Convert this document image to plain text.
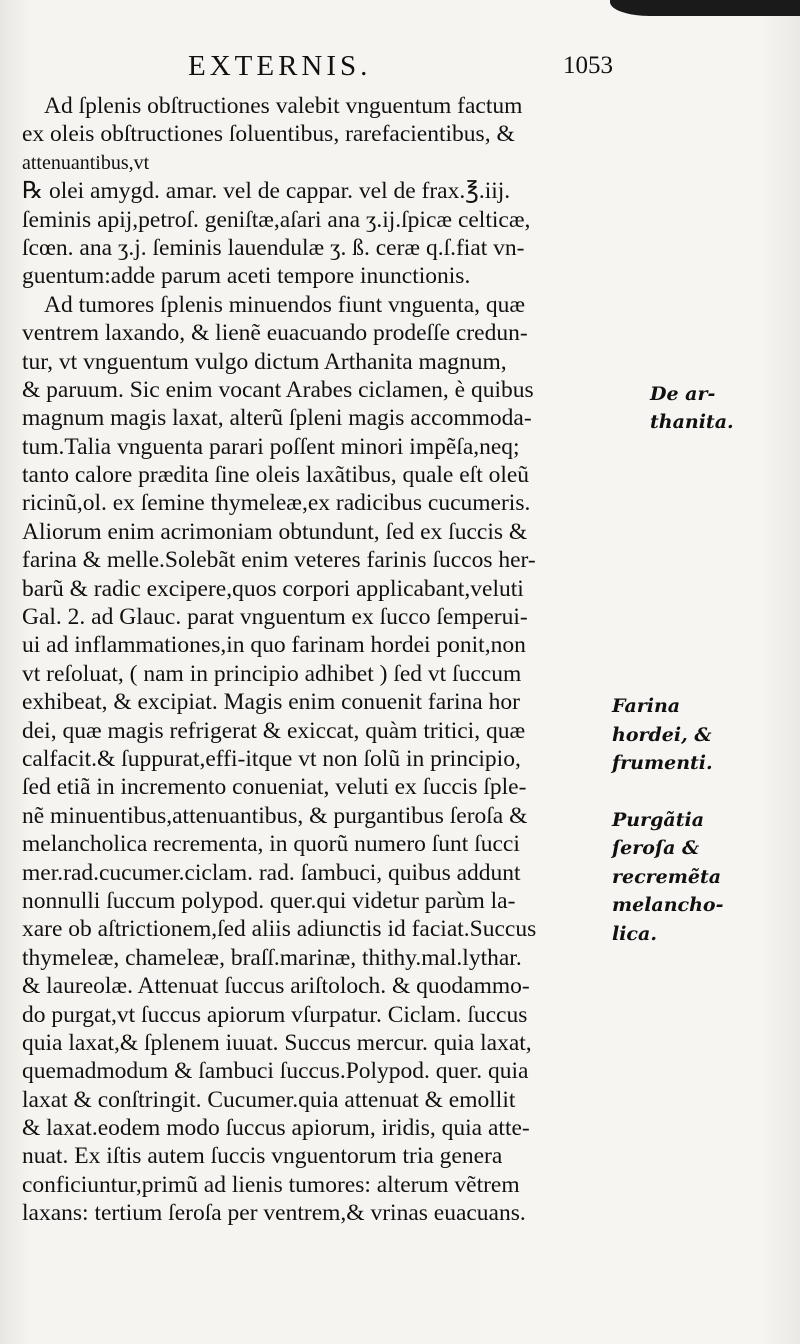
EXTERNIS.	1053
Ad ſplenis obſtructiones valebit vnguentum factum
ex oleis obſtructiones ſoluentibus, rarefacientibus, &
attenuantibus,vt
℞ olei amygd. amar. vel de cappar. vel de frax.℥.iij.
ſeminis apij,petroſ. geniſtæ,aſari ana ʒ.ij.ſpicæ celticæ,
ſcœn. ana ʒ.j. ſeminis lauendulæ ʒ. ß. ceræ q.ſ.fiat vn-
guentum:adde parum aceti tempore inunctionis.
Ad tumores ſplenis minuendos fiunt vnguenta, quæ
ventrem laxando, & lienẽ euacuando prodeſſe credun-
tur, vt vnguentum vulgo dictum Arthanita magnum,
& paruum. Sic enim vocant Arabes ciclamen, è quibus
magnum magis laxat, alterũ ſpleni magis accommoda-
tum.Talia vnguenta parari poſſent minori impẽſa,neq;
tanto calore prædita ſine oleis laxãtibus, quale eſt oleũ
ricinũ,ol. ex ſemine thymeleæ,ex radicibus cucumeris.
Aliorum enim acrimoniam obtundunt, ſed ex ſuccis &
farina & melle.Solebãt enim veteres farinis ſuccos her-
barũ & radic excipere,quos corpori applicabant,veluti
Gal. 2. ad Glauc. parat vnguentum ex ſucco ſemperui-
ui ad inflammationes,in quo farinam hordei ponit,non
vt reſoluat, ( nam in principio adhibet ) ſed vt ſuccum
exhibeat, & excipiat. Magis enim conuenit farina hor
dei, quæ magis refrigerat & exiccat, quàm tritici, quæ
calfacit.& ſuppurat,effi-itque vt non ſolũ in principio,
ſed etiã in incremento conueniat, veluti ex ſuccis ſple-
nẽ minuentibus,attenuantibus, & purgantibus ſeroſa &
melancholica recrementa, in quorũ numero ſunt ſucci
mer.rad.cucumer.ciclam. rad. ſambuci, quibus addunt
nonnulli ſuccum polypod. quer.qui videtur parùm la-
xare ob aſtrictionem,ſed aliis adiunctis id faciat.Succus
thymeleæ, chameleæ, braſſ.marinæ, thithy.mal.lythar.
& laureolæ. Attenuat ſuccus ariſtoloch. & quodammo-
do purgat,vt ſuccus apiorum vſurpatur. Ciclam. ſuccus
quia laxat,& ſplenem iuuat. Succus mercur. quia laxat,
quemadmodum & ſambuci ſuccus.Polypod. quer. quia
laxat & conſtringit. Cucumer.quia attenuat & emollit
& laxat.eodem modo ſuccus apiorum, iridis, quia atte-
nuat. Ex iſtis autem ſuccis vnguentorum tria genera
conficiuntur,primũ ad lienis tumores: alterum vẽtrem
laxans: tertium ſeroſa per ventrem,& vrinas euacuans.
De ar-
thanita.
Farina
hordei, &
frumenti.
Purgãtia
ſeroſa &
recremẽta
melancho-
lica.
